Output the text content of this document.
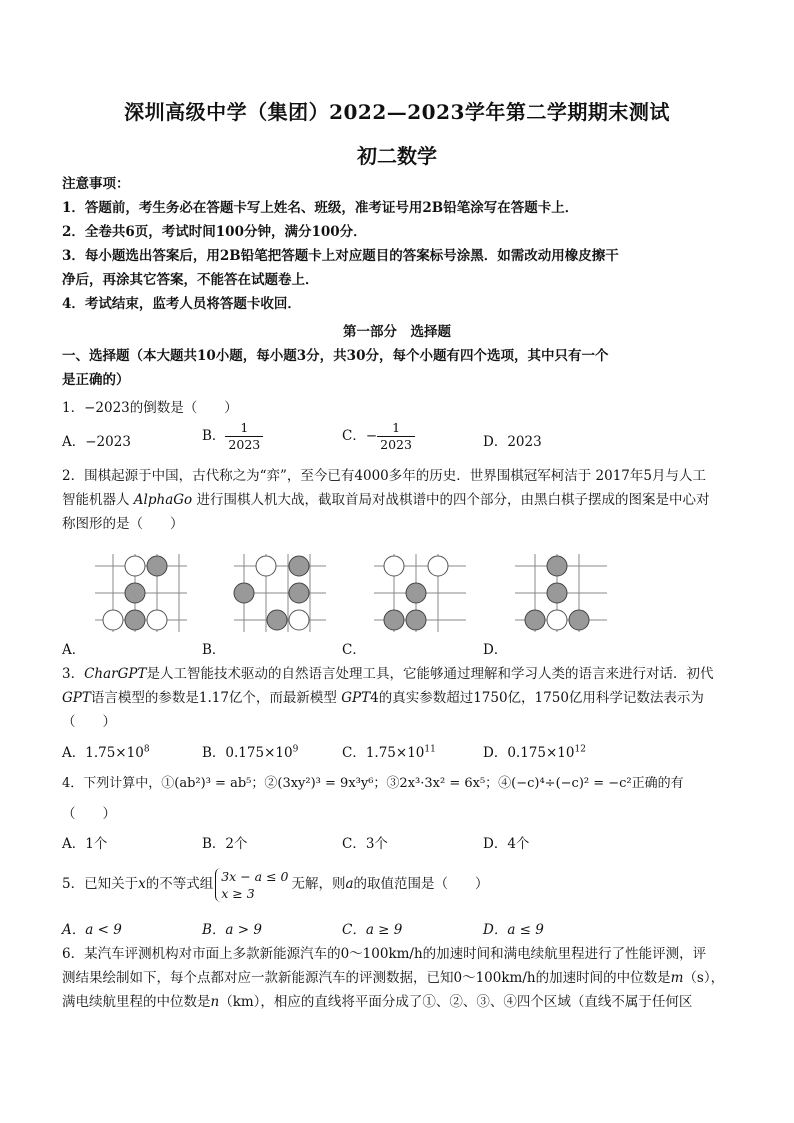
深圳高级中学（集团）2022—2023学年第二学期期末测试
初二数学
注意事项：
1．答题前，考生务必在答题卡写上姓名、班级，准考证号用2B铅笔涂写在答题卡上．
2．全卷共6页，考试时间100分钟，满分100分．
3．每小题选出答案后，用2B铅笔把答题卡上对应题目的答案标号涂黑．如需改动用橡皮擦干
净后，再涂其它答案，不能答在试题卷上．
4．考试结束，监考人员将答题卡收回．
第一部分　选择题
一、选择题（本大题共10小题，每小题3分，共30分，每个小题有四个选项，其中只有一个
是正确的）
1．−2023的倒数是（　　）
A．−2023	B． $\frac{1}{2023}$	C．− $\frac{1}{2023}$	D．2023
2．围棋起源于中国，古代称之为“弈”，至今已有4000多年的历史．世界围棋冠军柯洁于 2017年5月与人工
智能机器人 AlphaGo 进行围棋人机大战，截取首局对战棋谱中的四个部分，由黑白棋子摆成的图案是中心对
称图形的是（　　）
A．	B．	C．	D．
3．CharGPT是人工智能技术驱动的自然语言处理工具，它能够通过理解和学习人类的语言来进行对话．初代
GPT语言模型的参数是1.17亿个，而最新模型 GPT4的真实参数超过1750亿，1750亿用科学记数法表示为
（　　）
A．$1.75\times 10^8$	B．$0.175\times 10^9$	C．$1.75\times 10^{11}$	D．$0.175\times 10^{12}$
4．下列计算中，①(ab²)³ = ab⁵；②(3xy²)³ = 9x³y⁶；③2x³·3x² = 6x⁵；④(−c)⁴÷(−c)² = −c²正确的有
（　　）
A．1个	B．2个	C．3个	D．4个
5．已知关于x的不等式组 3x − a ≤ 0
x ≥ 3
无解，则a的取值范围是（　　）
A．a < 9	B．a > 9	C．a ≥ 9	D．a ≤ 9
6．某汽车评测机构对市面上多款新能源汽车的0～100km/h的加速时间和满电续航里程进行了性能评测，评
测结果绘制如下，每个点都对应一款新能源汽车的评测数据，已知0～100km/h的加速时间的中位数是m（s），
满电续航里程的中位数是n（km），相应的直线将平面分成了①、②、③、④四个区域（直线不属于任何区
